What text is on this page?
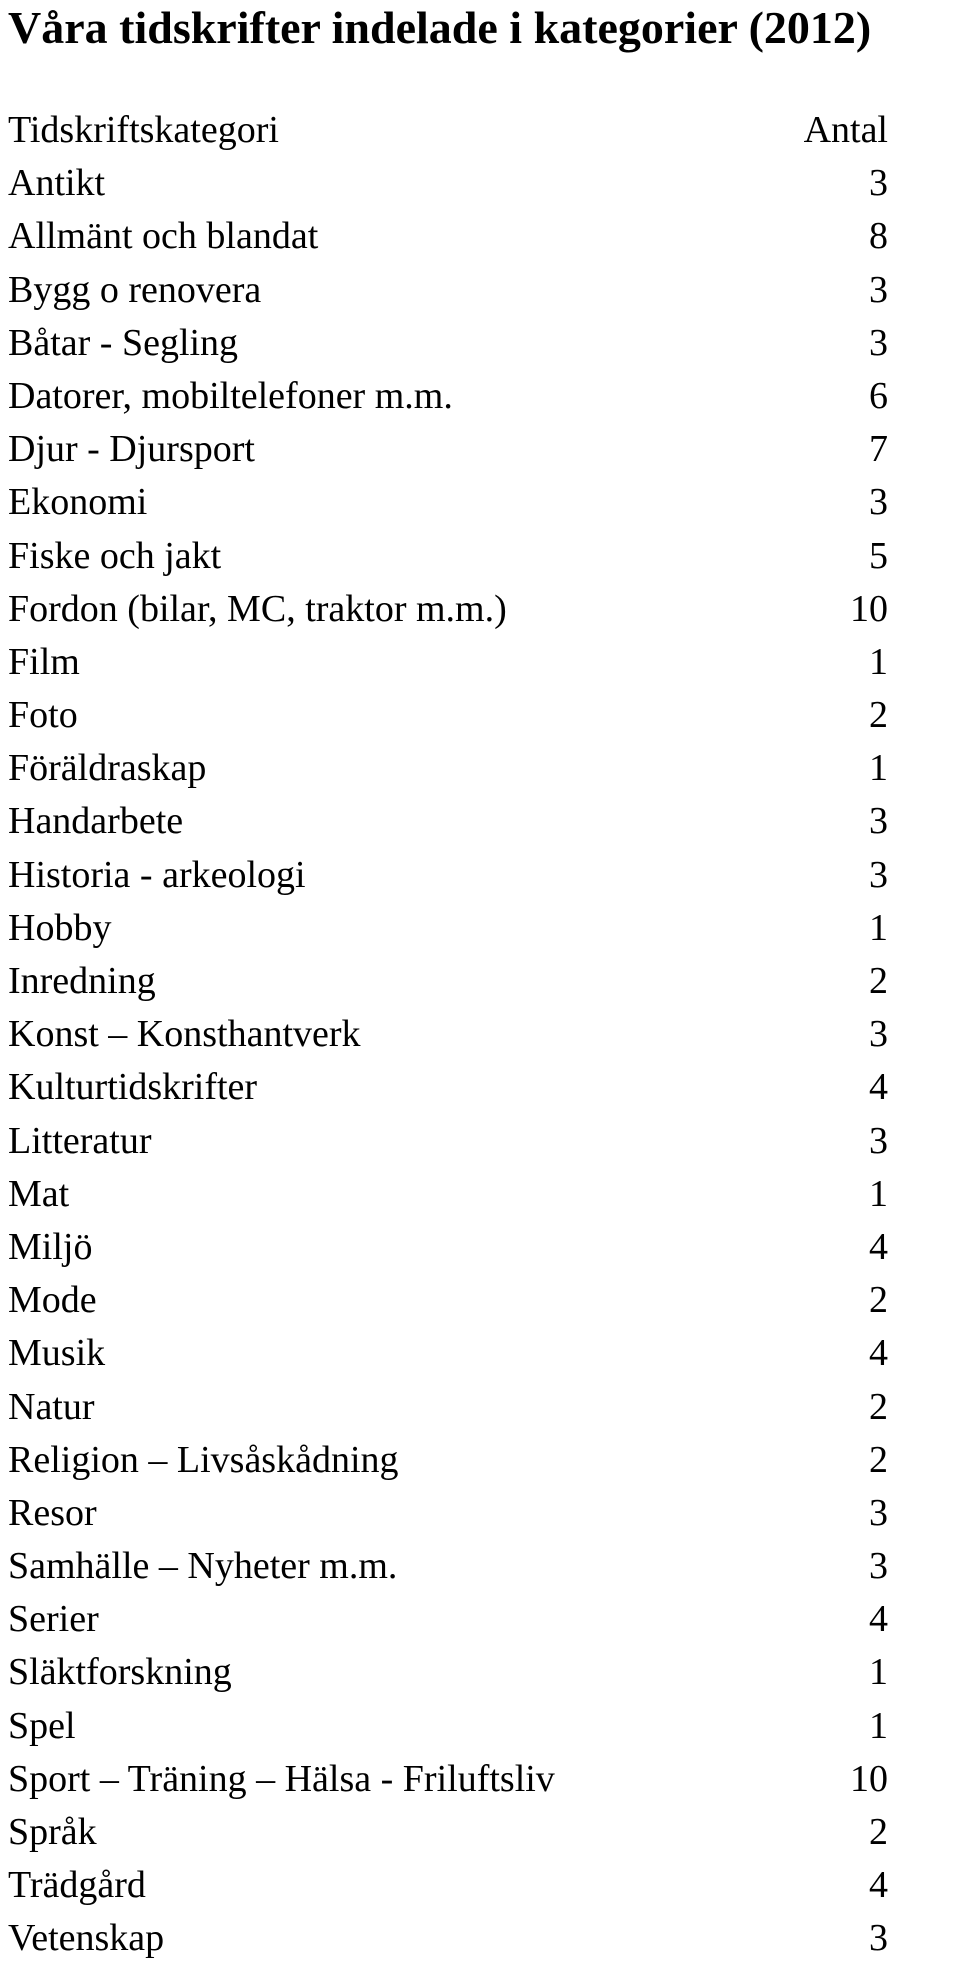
Våra tidskrifter indelade i kategorier (2012)
Tidskriftskategori	Antal
Antikt	3
Allmänt och blandat	8
Bygg o renovera	3
Båtar - Segling	3
Datorer, mobiltelefoner m.m.	6
Djur - Djursport	7
Ekonomi	3
Fiske och jakt	5
Fordon (bilar, MC, traktor m.m.)	10
Film	1
Foto	2
Föräldraskap	1
Handarbete	3
Historia - arkeologi	3
Hobby	1
Inredning	2
Konst – Konsthantverk	3
Kulturtidskrifter	4
Litteratur	3
Mat	1
Miljö	4
Mode	2
Musik	4
Natur	2
Religion – Livsåskådning	2
Resor	3
Samhälle – Nyheter m.m.	3
Serier	4
Släktforskning	1
Spel	1
Sport – Träning – Hälsa - Friluftsliv	10
Språk	2
Trädgård	4
Vetenskap	3
